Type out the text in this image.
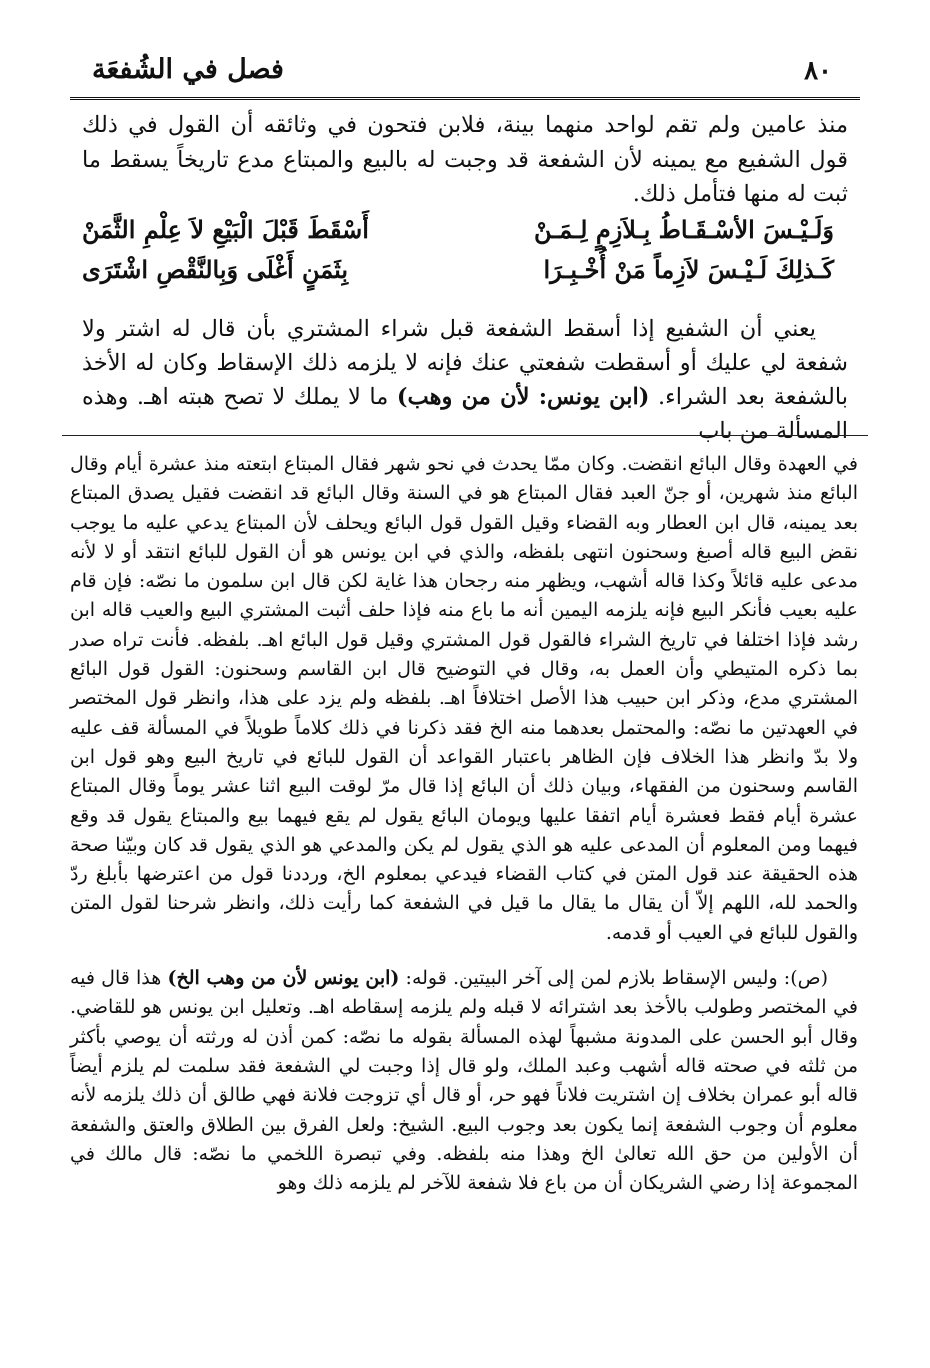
٨٠
فصل في الشُفعَة

منذ عامين ولم تقم لواحد منهما بينة، فلابن فتحون في وثائقه أن القول في ذلك قول الشفيع مع يمينه لأن الشفعة قد وجبت له بالبيع والمبتاع مدع تاريخاً يسقط ما ثبت له منها فتأمل ذلك.

وَلَـيْـسَ الأسْـقَـاطُ بِـلاَزِمٍ لِـمَـنْ
أَسْقَطَ قَبْلَ الْبَيْعِ لاَ عِلْمِ الثَّمَنْ
كَـذلِكَ لَـيْـسَ لاَزِماً مَنْ أُخْـبِـرَا
بِثَمَنٍ أَغْلَى وَبِالنَّقْصِ اشْتَرَى

يعني أن الشفيع إذا أسقط الشفعة قبل شراء المشتري بأن قال له اشتر ولا شفعة لي عليك أو أسقطت شفعتي عنك فإنه لا يلزمه ذلك الإسقاط وكان له الأخذ بالشفعة بعد الشراء. (ابن يونس: لأن من وهب) ما لا يملك لا تصح هبته اهـ. وهذه المسألة من باب

في العهدة وقال البائع انقضت. وكان ممّا يحدث في نحو شهر فقال المبتاع ابتعته منذ عشرة أيام وقال البائع منذ شهرين، أو جنّ العبد فقال المبتاع هو في السنة وقال البائع قد انقضت فقيل يصدق المبتاع بعد يمينه، قال ابن العطار وبه القضاء وقيل القول قول البائع ويحلف لأن المبتاع يدعي عليه ما يوجب نقض البيع قاله أصبغ وسحنون انتهى بلفظه، والذي في ابن يونس هو أن القول للبائع انتقد أو لا لأنه مدعى عليه قائلاً وكذا قاله أشهب، ويظهر منه رجحان هذا غاية لكن قال ابن سلمون ما نصّه: فإن قام عليه بعيب فأنكر البيع فإنه يلزمه اليمين أنه ما باع منه فإذا حلف أثبت المشتري البيع والعيب قاله ابن رشد فإذا اختلفا في تاريخ الشراء فالقول قول المشتري وقيل قول البائع اهـ. بلفظه. فأنت تراه صدر بما ذكره المتيطي وأن العمل به، وقال في التوضيح قال ابن القاسم وسحنون: القول قول البائع المشتري مدع، وذكر ابن حبيب هذا الأصل اختلافاً اهـ. بلفظه ولم يزد على هذا، وانظر قول المختصر في العهدتين ما نصّه: والمحتمل بعدهما منه الخ فقد ذكرنا في ذلك كلاماً طويلاً في المسألة قف عليه ولا بدّ وانظر هذا الخلاف فإن الظاهر باعتبار القواعد أن القول للبائع في تاريخ البيع وهو قول ابن القاسم وسحنون من الفقهاء، وبيان ذلك أن البائع إذا قال مرّ لوقت البيع اثنا عشر يوماً وقال المبتاع عشرة أيام فقط فعشرة أيام اتفقا عليها ويومان البائع يقول لم يقع فيهما بيع والمبتاع يقول قد وقع فيهما ومن المعلوم أن المدعى عليه هو الذي يقول لم يكن والمدعي هو الذي يقول قد كان وبيّنا صحة هذه الحقيقة عند قول المتن في كتاب القضاء فيدعي بمعلوم الخ، ورددنا قول من اعترضها بأبلغ ردّ والحمد لله، اللهم إلاّ أن يقال ما يقال ما قيل في الشفعة كما رأيت ذلك، وانظر شرحنا لقول المتن والقول للبائع في العيب أو قدمه.

(ص): وليس الإسقاط بلازم لمن إلى آخر البيتين. قوله: (ابن يونس لأن من وهب الخ) هذا قال فيه في المختصر وطولب بالأخذ بعد اشترائه لا قبله ولم يلزمه إسقاطه اهـ. وتعليل ابن يونس هو للقاضي. وقال أبو الحسن على المدونة مشبهاً لهذه المسألة بقوله ما نصّه: كمن أذن له ورثته أن يوصي بأكثر من ثلثه في صحته قاله أشهب وعبد الملك، ولو قال إذا وجبت لي الشفعة فقد سلمت لم يلزم أيضاً قاله أبو عمران بخلاف إن اشتريت فلاناً فهو حر، أو قال أي تزوجت فلانة فهي طالق أن ذلك يلزمه لأنه معلوم أن وجوب الشفعة إنما يكون بعد وجوب البيع. الشيخ: ولعل الفرق بين الطلاق والعتق والشفعة أن الأولين من حق الله تعالىٰ الخ وهذا منه بلفظه. وفي تبصرة اللخمي ما نصّه: قال مالك في المجموعة إذا رضي الشريكان أن من باع فلا شفعة للآخر لم يلزمه ذلك وهو
